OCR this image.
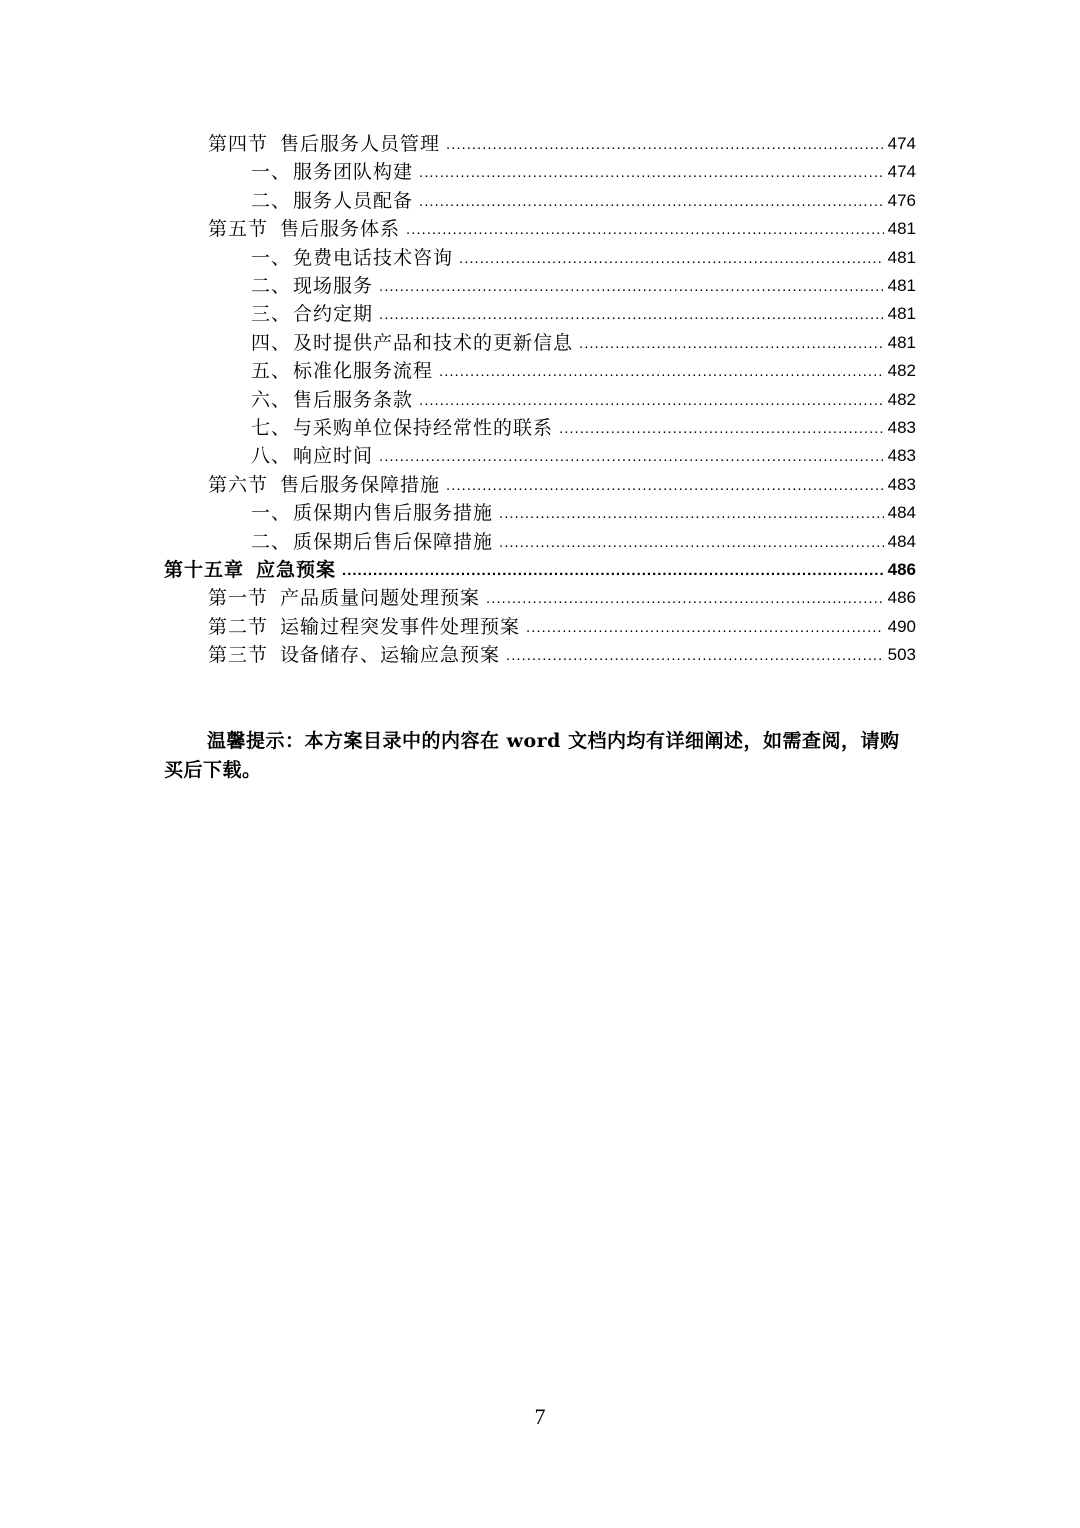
第四节 售后服务人员管理 .....	474
一、 服务团队构建 .....	474
二、 服务人员配备 .....	476
第五节 售后服务体系 .....	481
一、 免费电话技术咨询 .....	481
二、 现场服务 .....	481
三、 合约定期 .....	481
四、 及时提供产品和技术的更新信息 .....	481
五、 标准化服务流程 .....	482
六、 售后服务条款 .....	482
七、 与采购单位保持经常性的联系 .....	483
八、 响应时间 .....	483
第六节 售后服务保障措施 .....	483
一、 质保期内售后服务措施 .....	484
二、 质保期后售后保障措施 .....	484
第十五章 应急预案 .....	486
第一节 产品质量问题处理预案 .....	486
第二节 运输过程突发事件处理预案 .....	490
第三节 设备储存、运输应急预案 .....	503
温馨提示：本方案目录中的内容在 word 文档内均有详细阐述，如需查阅，请购买后下载。
7
